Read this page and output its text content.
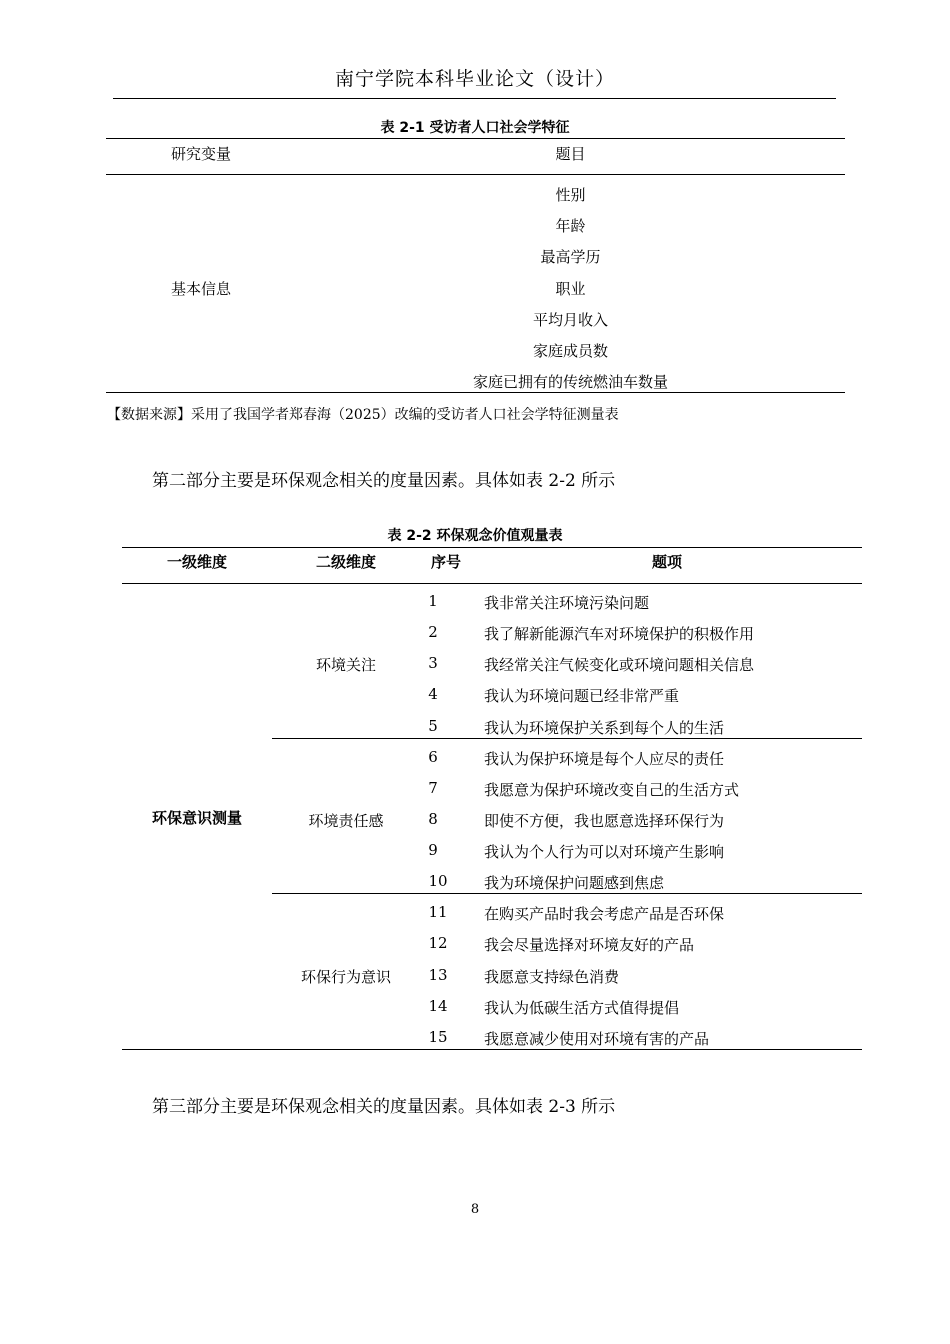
南宁学院本科毕业论文（设计）
表 2-1 受访者人口社会学特征
研究变量	题目
基本信息
性别
年龄
最高学历
职业
平均月收入
家庭成员数
家庭已拥有的传统燃油车数量
【数据来源】采用了我国学者郑春海（2025）改编的受访者人口社会学特征测量表
第二部分主要是环保观念相关的度量因素。具体如表 2-2 所示
表 2-2 环保观念价值观量表
一级维度	二级维度	序号	题项
环保意识测量
环境关注
1	我非常关注环境污染问题
2	我了解新能源汽车对环境保护的积极作用
3	我经常关注气候变化或环境问题相关信息
4	我认为环境问题已经非常严重
5	我认为环境保护关系到每个人的生活
环境责任感
6	我认为保护环境是每个人应尽的责任
7	我愿意为保护环境改变自己的生活方式
8	即使不方便，我也愿意选择环保行为
9	我认为个人行为可以对环境产生影响
10	我为环境保护问题感到焦虑
环保行为意识
11	在购买产品时我会考虑产品是否环保
12	我会尽量选择对环境友好的产品
13	我愿意支持绿色消费
14	我认为低碳生活方式值得提倡
15	我愿意减少使用对环境有害的产品
第三部分主要是环保观念相关的度量因素。具体如表 2-3 所示
8
